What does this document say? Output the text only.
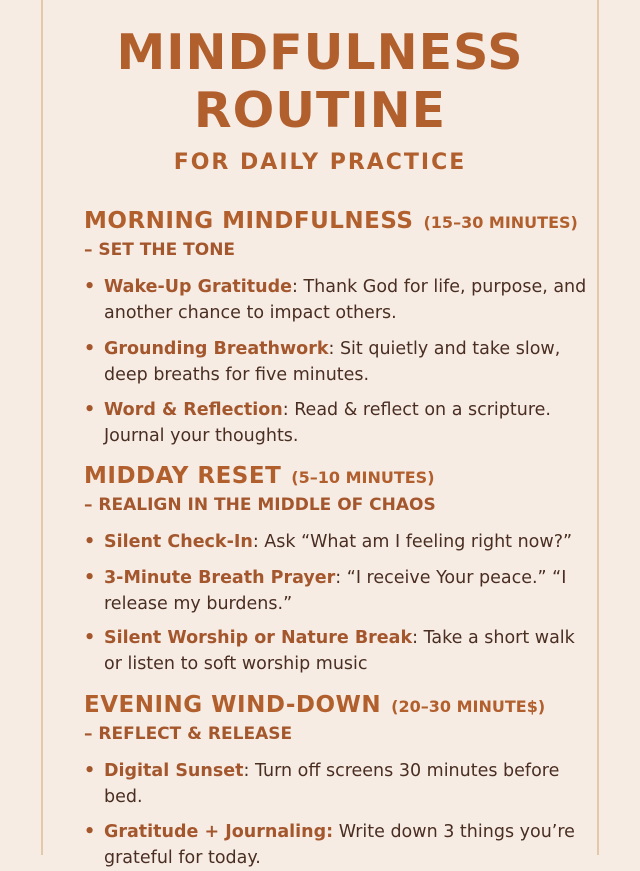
MINDFULNESS
ROUTINE
FOR DAILY PRACTICE
MORNING MINDFULNESS (15–30 MINUTES)

– SET THE TONE

• Wake-Up Gratitude: Thank God for life, purpose, and another chance to impact others.

• Grounding Breathwork: Sit quietly and take slow, deep breaths for five minutes.

• Word & Reflection: Read & reflect on a scripture. Journal your thoughts.

MIDDAY RESET (5–10 MINUTES)

– REALIGN IN THE MIDDLE OF CHAOS

• Silent Check-In: Ask “What am I feeling right now?”

• 3-Minute Breath Prayer: “I receive Your peace.” “I release my burdens.”

• Silent Worship or Nature Break: Take a short walk or listen to soft worship music

EVENING WIND-DOWN (20–30 MINUTE$)

– REFLECT & RELEASE

• Digital Sunset: Turn off screens 30 minutes before bed.

• Gratitude + Journaling: Write down 3 things you’re grateful for today.
